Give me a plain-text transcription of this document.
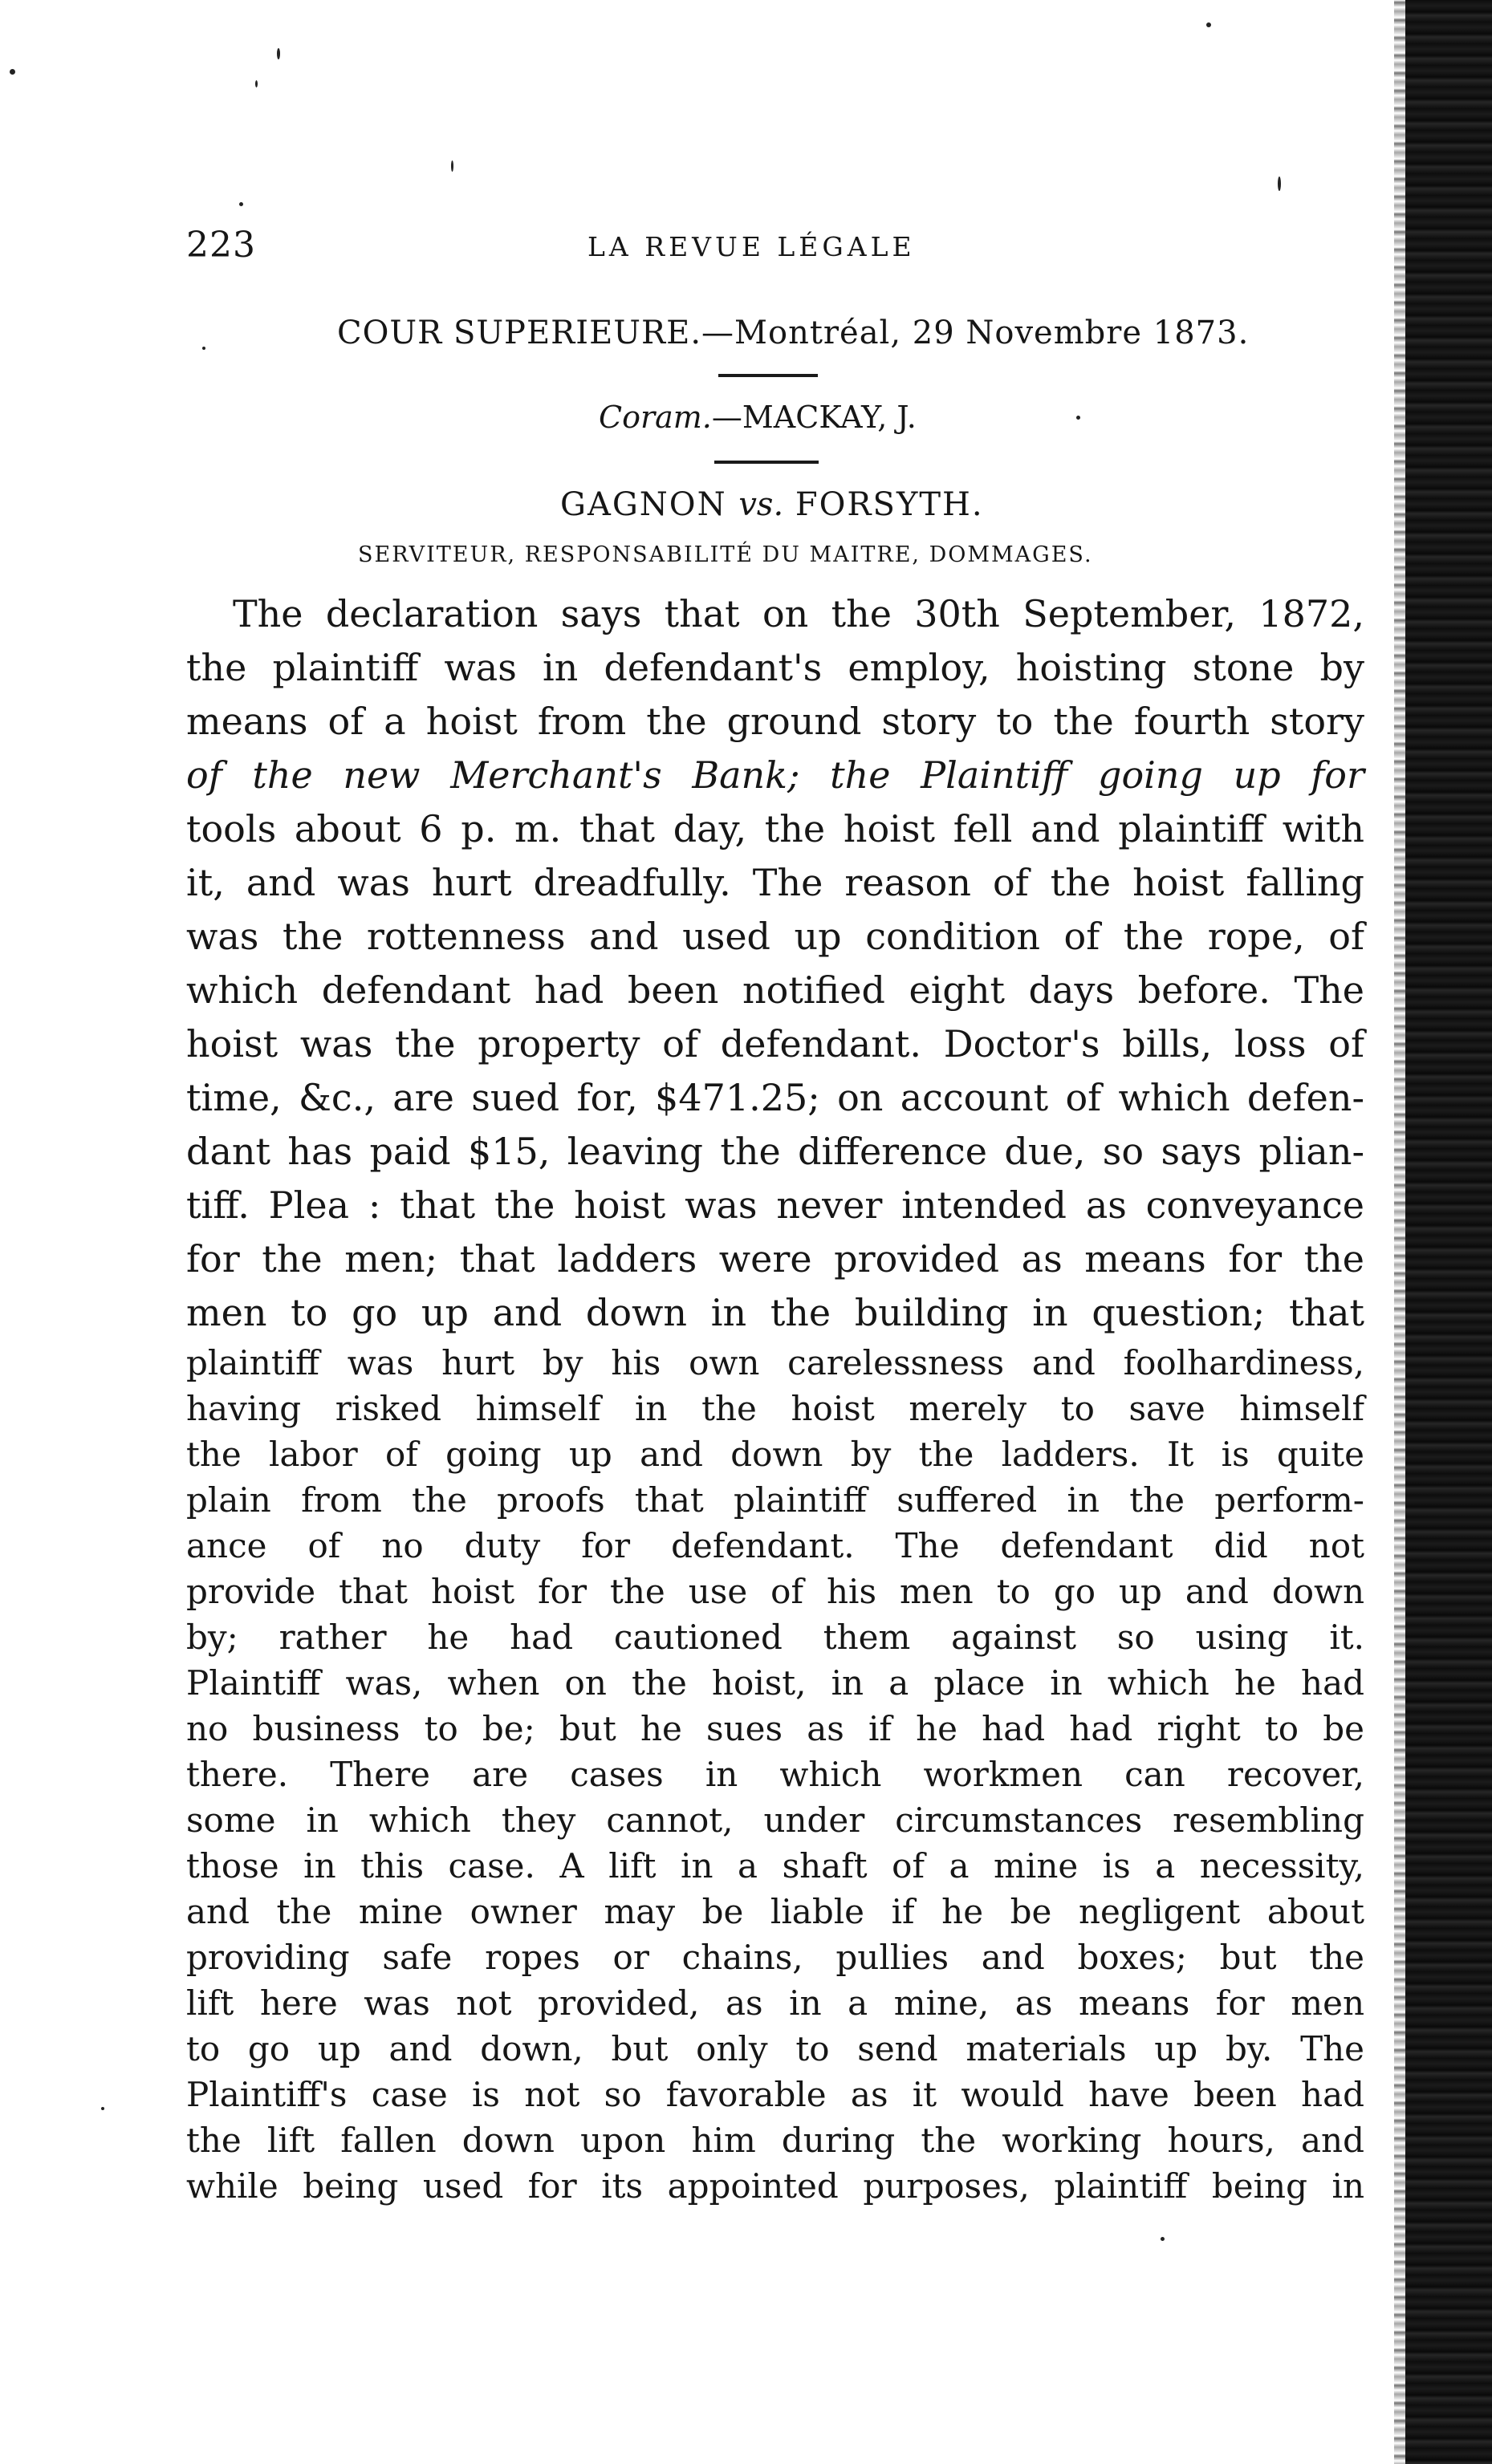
223	LA REVUE LÉGALE
COUR SUPERIEURE.—Montréal, 29 Novembre 1873.
Coram.—MACKAY, J.
GAGNON vs. FORSYTH.
SERVITEUR, RESPONSABILITÉ DU MAITRE, DOMMAGES.
The declaration says that on the 30th September, 1872,
the plaintiff was in defendant's employ, hoisting stone by
means of a hoist from the ground story to the fourth story
of the new Merchant's Bank; the Plaintiff going up for
tools about 6 p. m. that day, the hoist fell and plaintiff with
it, and was hurt dreadfully. The reason of the hoist falling
was the rottenness and used up condition of the rope, of
which defendant had been notified eight days before. The
hoist was the property of defendant. Doctor's bills, loss of
time, &c., are sued for, $471.25; on account of which defen-
dant has paid $15, leaving the difference due, so says plian-
tiff. Plea : that the hoist was never intended as conveyance
for the men; that ladders were provided as means for the
men to go up and down in the building in question; that
plaintiff was hurt by his own carelessness and foolhardiness,
having risked himself in the hoist merely to save himself
the labor of going up and down by the ladders. It is quite
plain from the proofs that plaintiff suffered in the perform-
ance of no duty for defendant. The defendant did not
provide that hoist for the use of his men to go up and down
by; rather he had cautioned them against so using it.
Plaintiff was, when on the hoist, in a place in which he had
no business to be; but he sues as if he had had right to be
there. There are cases in which workmen can recover,
some in which they cannot, under circumstances resembling
those in this case. A lift in a shaft of a mine is a necessity,
and the mine owner may be liable if he be negligent about
providing safe ropes or chains, pullies and boxes; but the
lift here was not provided, as in a mine, as means for men
to go up and down, but only to send materials up by. The
Plaintiff's case is not so favorable as it would have been had
the lift fallen down upon him during the working hours, and
while being used for its appointed purposes, plaintiff being in
